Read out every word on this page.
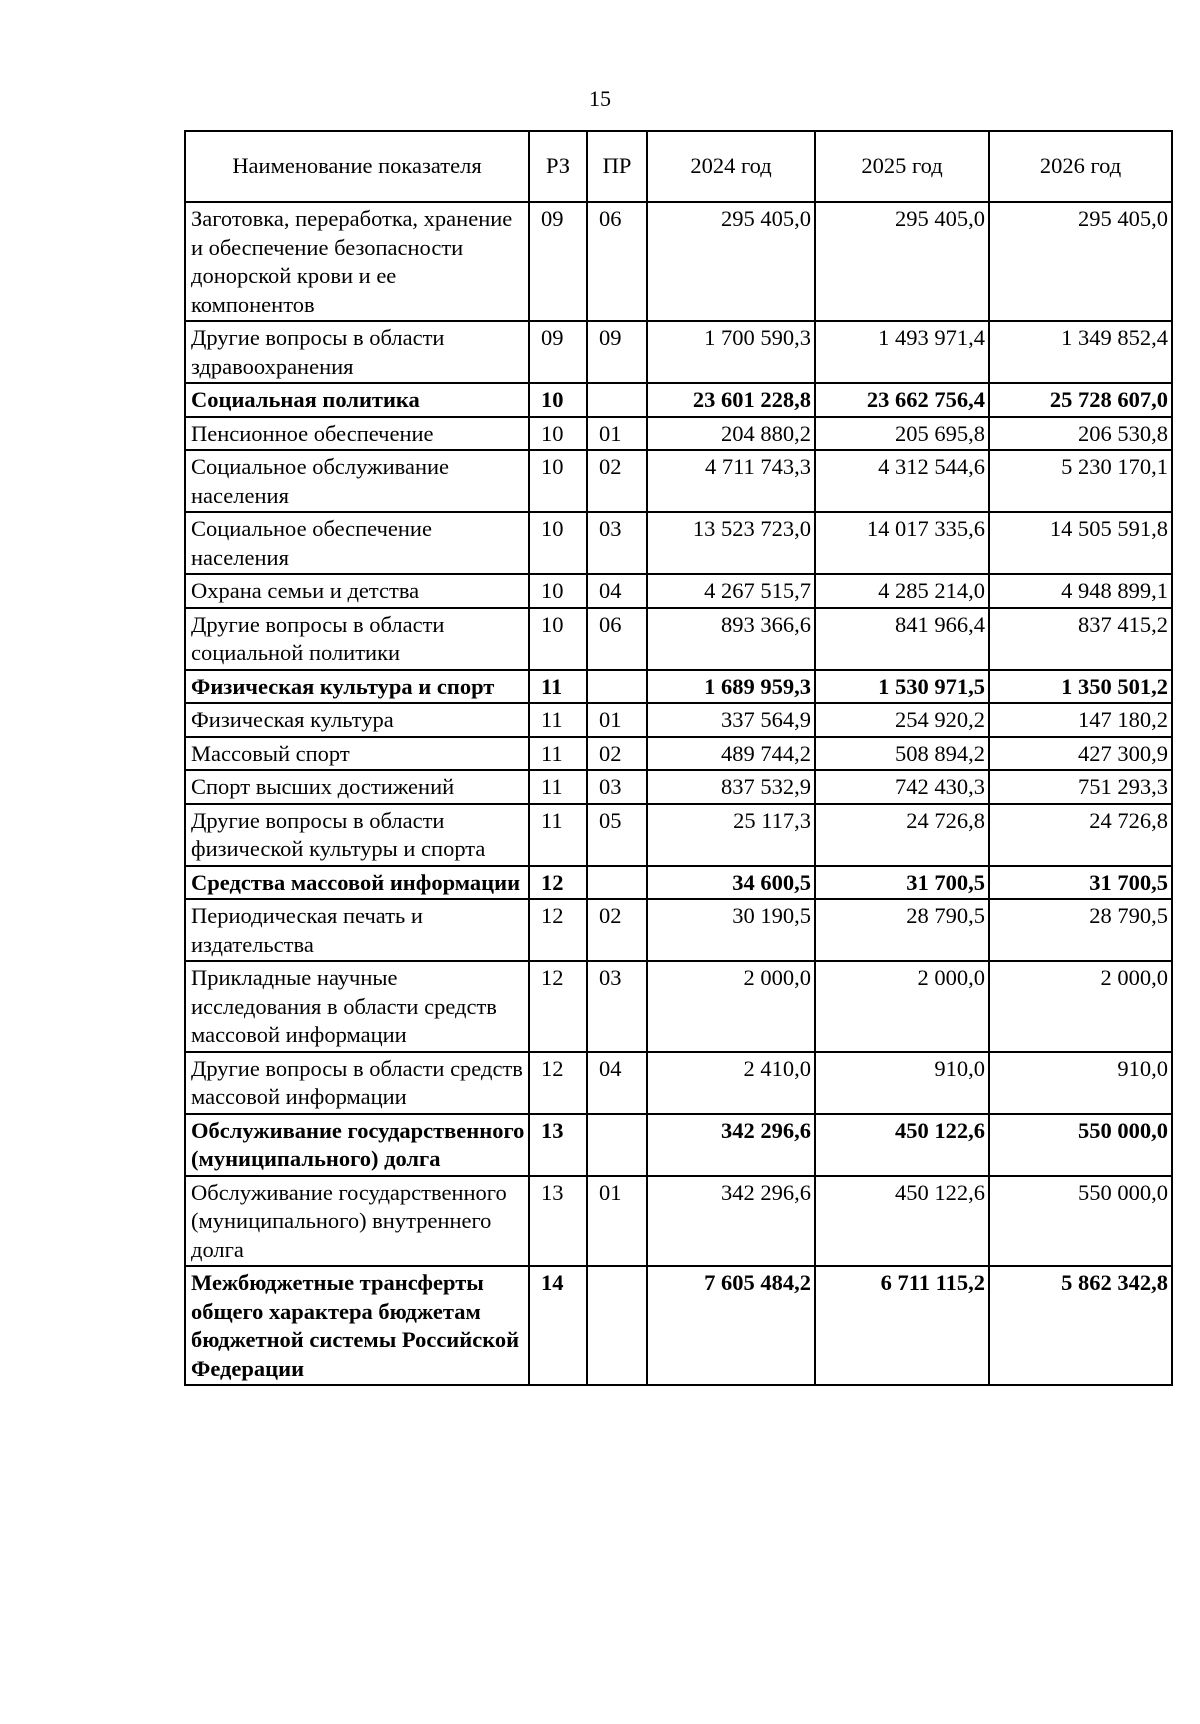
15
Наименование показателя	РЗ	ПР	2024 год	2025 год	2026 год
Заготовка, переработка, хранение и обеспечение безопасности донорской крови и ее компонентов	09	06	295 405,0	295 405,0	295 405,0
Другие вопросы в области здравоохранения	09	09	1 700 590,3	1 493 971,4	1 349 852,4
Социальная политика	10		23 601 228,8	23 662 756,4	25 728 607,0
Пенсионное обеспечение	10	01	204 880,2	205 695,8	206 530,8
Социальное обслуживание населения	10	02	4 711 743,3	4 312 544,6	5 230 170,1
Социальное обеспечение населения	10	03	13 523 723,0	14 017 335,6	14 505 591,8
Охрана семьи и детства	10	04	4 267 515,7	4 285 214,0	4 948 899,1
Другие вопросы в области социальной политики	10	06	893 366,6	841 966,4	837 415,2
Физическая культура и спорт	11		1 689 959,3	1 530 971,5	1 350 501,2
Физическая культура	11	01	337 564,9	254 920,2	147 180,2
Массовый спорт	11	02	489 744,2	508 894,2	427 300,9
Спорт высших достижений	11	03	837 532,9	742 430,3	751 293,3
Другие вопросы в области физической культуры и спорта	11	05	25 117,3	24 726,8	24 726,8
Средства массовой информации	12		34 600,5	31 700,5	31 700,5
Периодическая печать и издательства	12	02	30 190,5	28 790,5	28 790,5
Прикладные научные исследования в области средств массовой информации	12	03	2 000,0	2 000,0	2 000,0
Другие вопросы в области средств массовой информации	12	04	2 410,0	910,0	910,0
Обслуживание государственного (муниципального) долга	13		342 296,6	450 122,6	550 000,0
Обслуживание государственного (муниципального) внутреннего долга	13	01	342 296,6	450 122,6	550 000,0
Межбюджетные трансферты общего характера бюджетам бюджетной системы Российской Федерации	14		7 605 484,2	6 711 115,2	5 862 342,8
